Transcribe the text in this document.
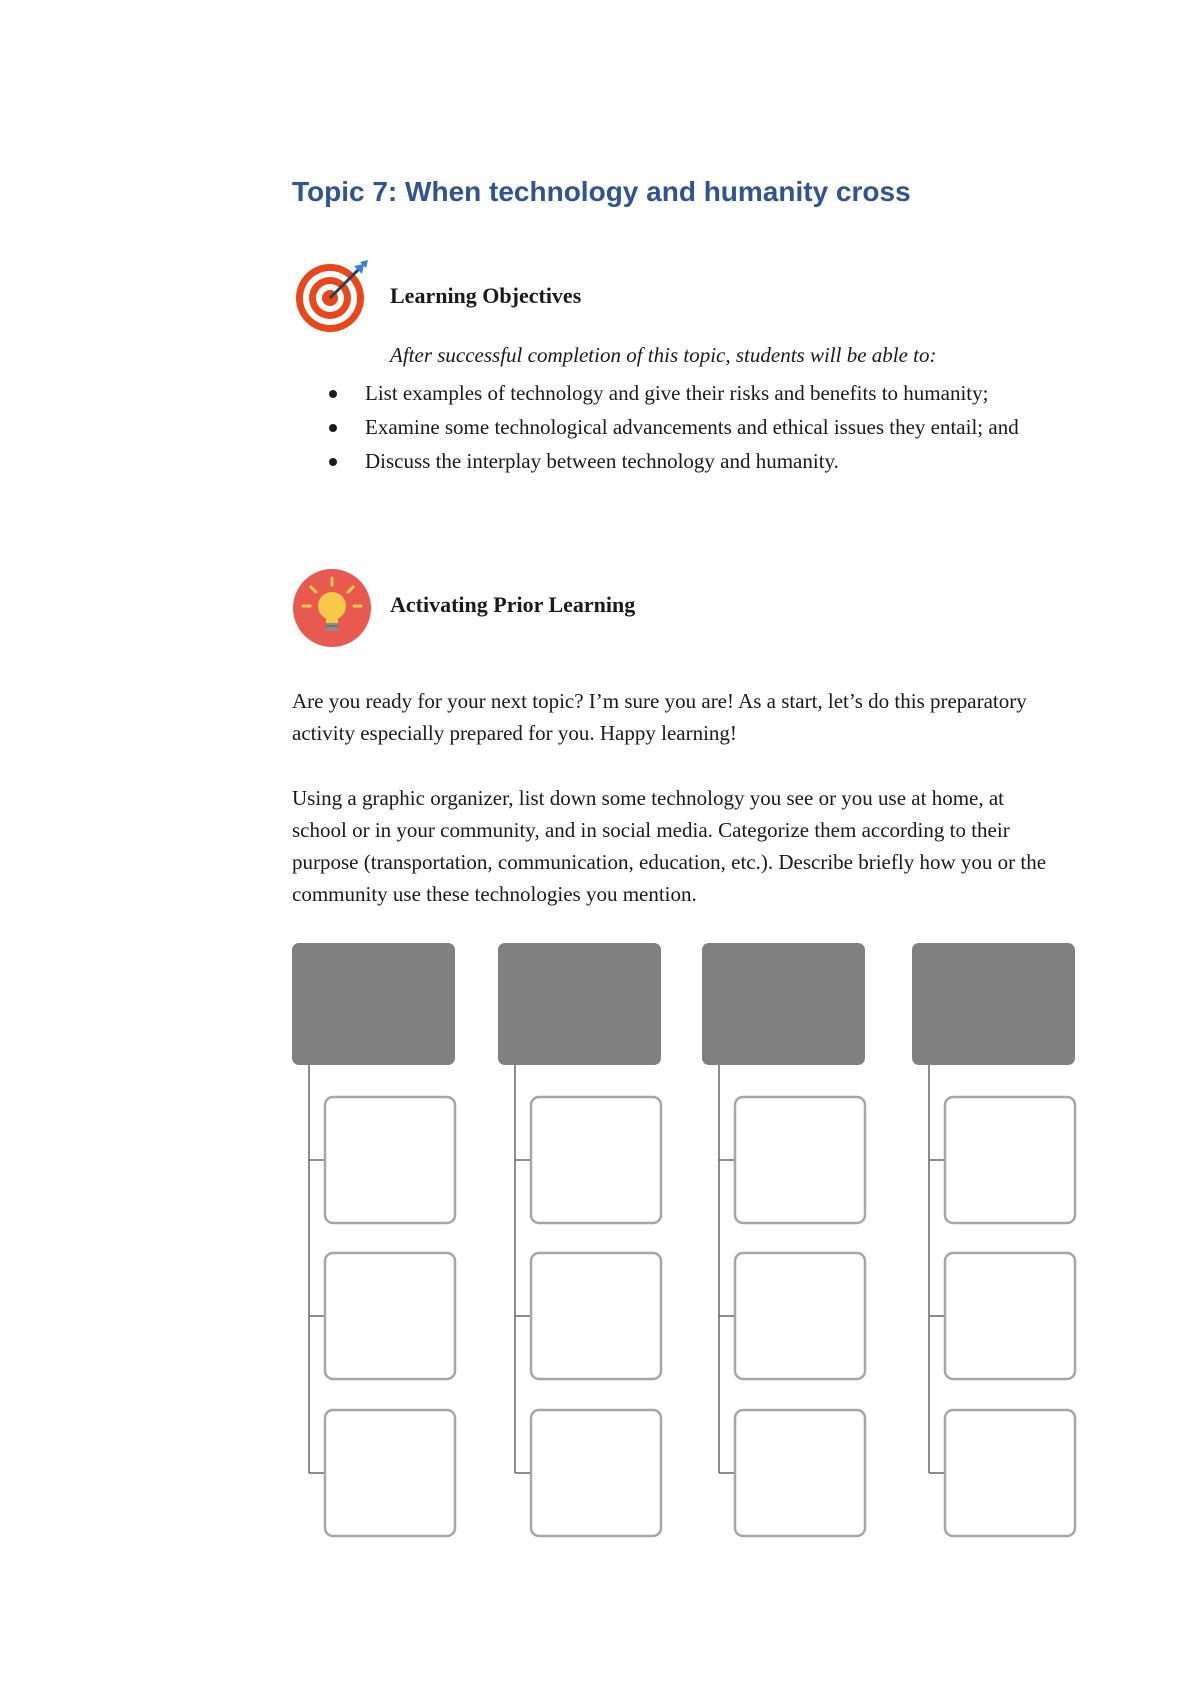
Topic 7: When technology and humanity cross
Learning Objectives

After successful completion of this topic, students will be able to:

List examples of technology and give their risks and benefits to humanity;
Examine some technological advancements and ethical issues they entail; and
Discuss the interplay between technology and humanity.
Activating Prior Learning

Are you ready for your next topic? I’m sure you are! As a start, let’s do this preparatory activity especially prepared for you. Happy learning!

Using a graphic organizer, list down some technology you see or you use at home, at school or in your community, and in social media. Categorize them according to their purpose (transportation, communication, education, etc.). Describe briefly how you or the community use these technologies you mention.
